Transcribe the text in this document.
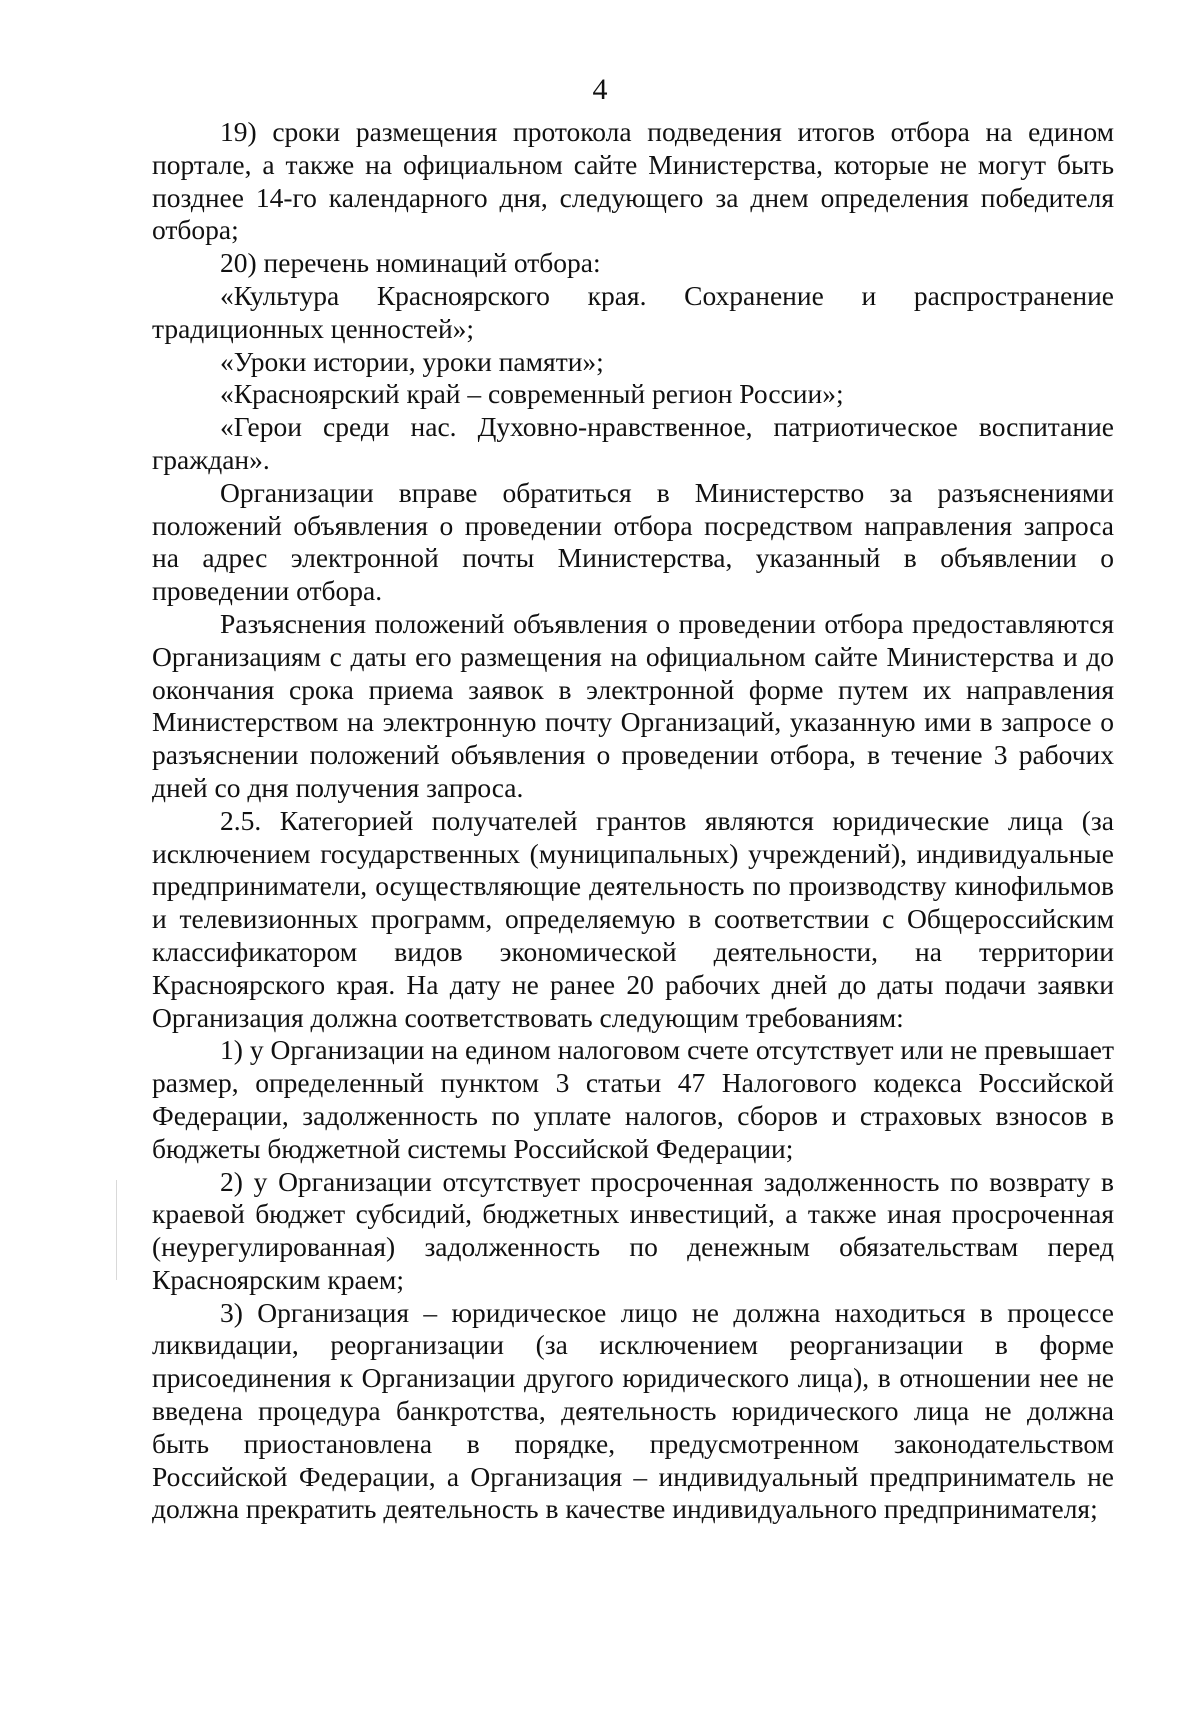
4

19) сроки размещения протокола подведения итогов отбора на едином портале, а также на официальном сайте Министерства, которые не могут быть позднее 14-го календарного дня, следующего за днем определения победителя отбора;

20) перечень номинаций отбора:

«Культура Красноярского края. Сохранение и распространение традиционных ценностей»;

«Уроки истории, уроки памяти»;

«Красноярский край – современный регион России»;

«Герои среди нас. Духовно-нравственное, патриотическое воспитание граждан».

Организации вправе обратиться в Министерство за разъяснениями положений объявления о проведении отбора посредством направления запроса на адрес электронной почты Министерства, указанный в объявлении о проведении отбора.

Разъяснения положений объявления о проведении отбора предоставляются Организациям с даты его размещения на официальном сайте Министерства и до окончания срока приема заявок в электронной форме путем их направления Министерством на электронную почту Организаций, указанную ими в запросе о разъяснении положений объявления о проведении отбора, в течение 3 рабочих дней со дня получения запроса.

2.5. Категорией получателей грантов являются юридические лица (за исключением государственных (муниципальных) учреждений), индивидуальные предприниматели, осуществляющие деятельность по производству кинофильмов и телевизионных программ, определяемую в соответствии с Общероссийским классификатором видов экономической деятельности, на территории Красноярского края. На дату не ранее 20 рабочих дней до даты подачи заявки Организация должна соответствовать следующим требованиям:

1) у Организации на едином налоговом счете отсутствует или не превышает размер, определенный пунктом 3 статьи 47 Налогового кодекса Российской Федерации, задолженность по уплате налогов, сборов и страховых взносов в бюджеты бюджетной системы Российской Федерации;

2) у Организации отсутствует просроченная задолженность по возврату в краевой бюджет субсидий, бюджетных инвестиций, а также иная просроченная (неурегулированная) задолженность по денежным обязательствам перед Красноярским краем;

3) Организация – юридическое лицо не должна находиться в процессе ликвидации, реорганизации (за исключением реорганизации в форме присоединения к Организации другого юридического лица), в отношении нее не введена процедура банкротства, деятельность юридического лица не должна быть приостановлена в порядке, предусмотренном законодательством Российской Федерации, а Организация – индивидуальный предприниматель не должна прекратить деятельность в качестве индивидуального предпринимателя;
